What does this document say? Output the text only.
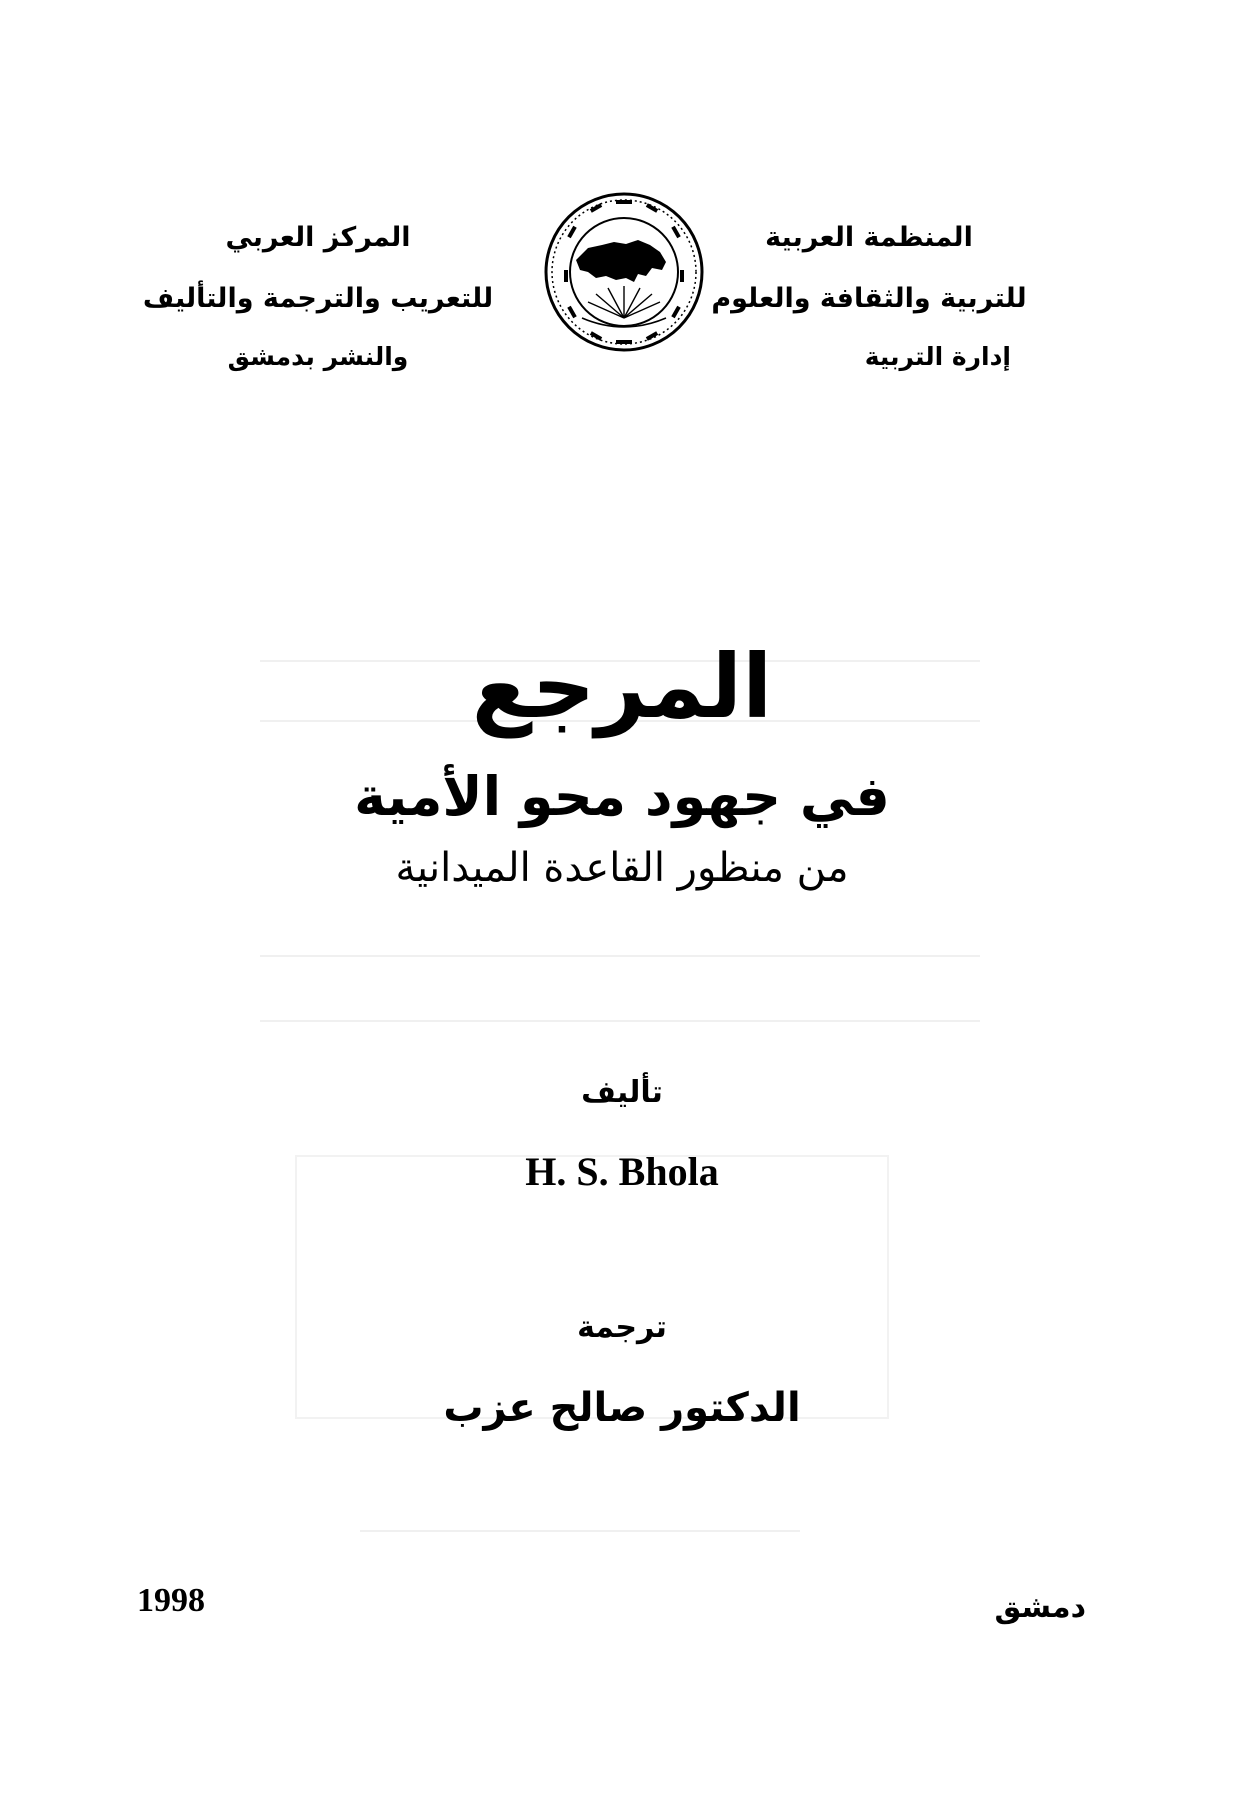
المنظمة العربية
للتربية والثقافة والعلوم
إدارة التربية
المركز العربي
للتعريب والترجمة والتأليف
والنشر بدمشق
المرجع
في جهود محو الأمية
من منظور القاعدة الميدانية
تأليف
H. S. Bhola
ترجمة
الدكتور صالح عزب
1998	دمشق
